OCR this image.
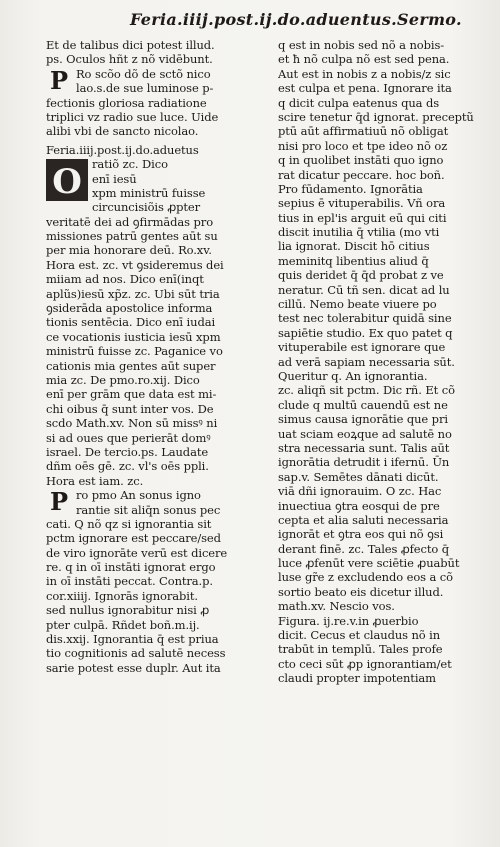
Feria.iiij.post.ij.do.aduentus.Sermo.
Et de talibus dici potest illud.
ps. Oculos hñt z nõ vidēbunt.
P Ro scõo dõ de sctõ nico
lao.s.de sue luminose p-
fectionis gloriosa radiatione
triplici vz radio sue luce. Uide
alibi vbi de sancto nicolao.
Feria.iiij.post.ij.do.aduetus
O ratiõ zc. Dico
enī iesū
xpm ministrū fuisse
circuncisiõis ꝓpter
veritatē dei ad ꝯfirmādas pro
missiones patrū gentes aūt su
per mia honorare deū. Ro.xv.
Hora est. zc. vt ꝯsideremus dei
miiam ad nos. Dico enī(inqt
aplũs)iesū xp̃z. zc. Ubi sūt tria
ꝯsiderāda apostolice informa
tionis sentēcia. Dico enī iudai
ce vocationis iusticia iesū xpm
ministrū fuisse zc. Paganice vo
cationis mia gentes aūt super
mia zc. De pmo.ro.xij. Dico
enī per grām que data est mi-
chi oibus q̄ sunt inter vos. De
scdo Math.xv. Non sū missꝰ ni
si ad oues que perierāt domꝰ
israel. De tercio.ps. Laudate
dñm oēs gē. zc. vl's oēs ppli.
Hora est iam. zc.
P ro pmo An sonus igno
rantie sit aliq̄n sonus pec
cati. Q nõ qz si ignorantia sit
pctm ignorare est peccare/sed
de viro ignorāte verū est dicere
re. q in oī instāti ignorat ergo
in oī instāti peccat. Contra.p.
cor.xiiij. Ignorās ignorabit.
sed nullus ignorabitur nisi ꝓ
pter culpā. Rñdet boñ.m.ij.
dis.xxij. Ignorantia q̄ est priua
tio cognitionis ad salutē necess
sarie potest esse duplr. Aut ita
q est in nobis sed nõ a nobis-
et ħ nõ culpa nõ est sed pena.
Aut est in nobis z a nobis/z sic
est culpa et pena. Ignorare ita
q dicit culpa eatenus qua ds
scire tenetur q̄d ignorat. preceptũ
ptū aūt affirmatiuū nõ obligat
nisi pro loco et tpe ideo nõ oz
q in quolibet instāti quo igno
rat dicatur peccare. hoc boñ.
Pro fūdamento. Ignorātia
sepius ē vituperabilis. Vñ ora
tius in epl'is arguit eū qui citi
discit inutilia q̄ vtilia (mo vti
lia ignorat. Discit hō citius
meminitq libentius aliud q̄
quis deridet q̄ q̄d probat z ve
neratur. Cū tñ sen. dicat ad lu
cillū. Nemo beate viuere po
test nec tolerabitur quidā sine
sapiētie studio. Ex quo patet q
vituperabile est ignorare que
ad verā sapiam necessaria sūt.
Queritur q. An ignorantia.
zc. aliqñ sit pctm. Dic rñ. Et cõ
clude q multū cauendū est ne
simus causa ignorātie que pri
uat sciam eoꝝque ad salutē no
stra necessaria sunt. Talis aūt
ignorātia detrudit i ifernū. Ūn
sap.v. Semētes dānati dicūt.
viā dñi ignorauim. O zc. Hac
inuectiua ꝯtra eosqui de pre
cepta et alia saluti necessaria
ignorāt et ꝯtra eos qui nõ ꝯsi
derant finē. zc. Tales ꝓfecto q̄
luce ꝓfenūt vere sciētie ꝓuabūt
luse gr̃e z excludendo eos a cõ
sortio beato eis dicetur illud.
math.xv. Nescio vos.
Figura. ij.re.v.in ꝓuerbio
dicit. Cecus et claudus nõ in
trabūt in templū. Tales profe
cto ceci sūt ꝓp ignorantiam/et
claudi propter impotentiam
